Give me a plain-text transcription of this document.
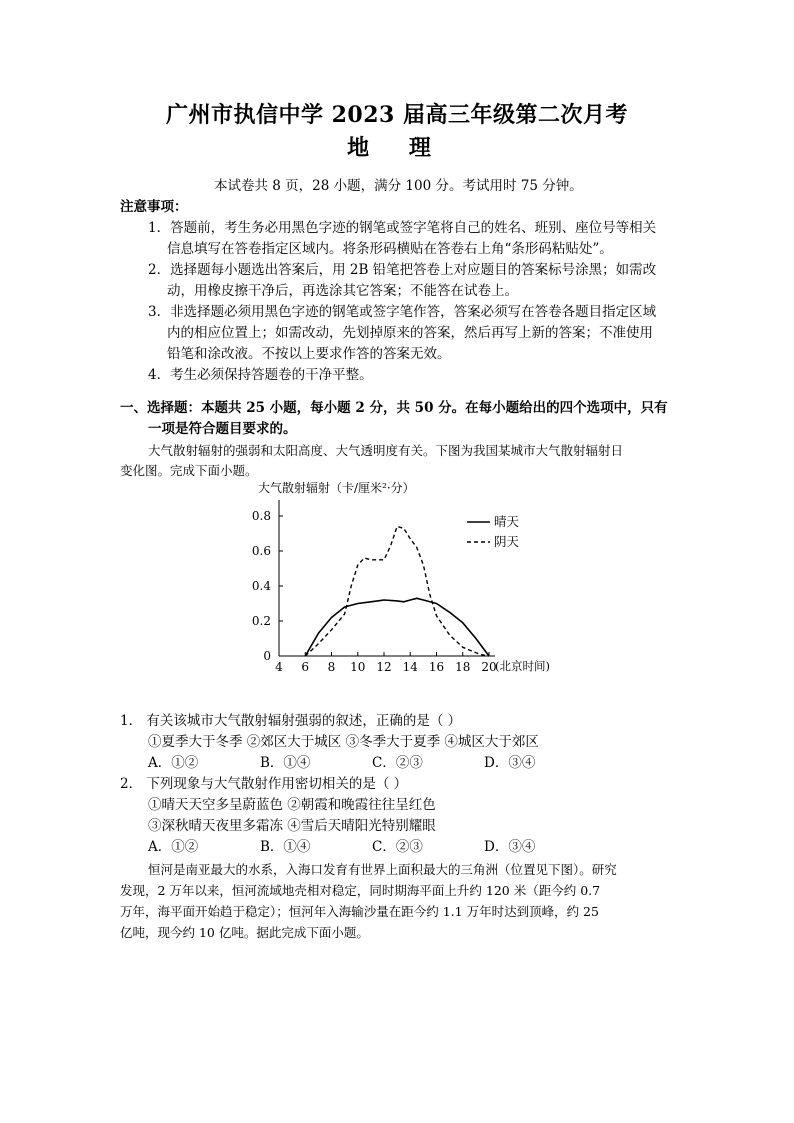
广州市执信中学 2023 届高三年级第二次月考
地 理
本试卷共 8 页，28 小题，满分 100 分。考试用时 75 分钟。
注意事项：
1．答题前，考生务必用黑色字迹的钢笔或签字笔将自己的姓名、班别、座位号等相关
信息填写在答卷指定区域内。将条形码横贴在答卷右上角“条形码粘贴处”。
2．选择题每小题选出答案后，用 2B 铅笔把答卷上对应题目的答案标号涂黑；如需改
动，用橡皮擦干净后，再选涂其它答案；不能答在试卷上。
3．非选择题必须用黑色字迹的钢笔或签字笔作答，答案必须写在答卷各题目指定区域
内的相应位置上；如需改动，先划掉原来的答案，然后再写上新的答案；不准使用
铅笔和涂改液。不按以上要求作答的答案无效。
4．考生必须保持答题卷的干净平整。
一、选择题：本题共 25 小题，每小题 2 分，共 50 分。在每小题给出的四个选项中，只有
一项是符合题目要求的。
大气散射辐射的强弱和太阳高度、大气透明度有关。下图为我国某城市大气散射辐射日
变化图。完成下面小题。
大气散射辐射（卡/厘米²·分）
0
0.2
0.4
0.6
0.8
4 6 8 10 12 14 16 18 20
晴天
阴天
(北京时间)
1． 有关该城市大气散射辐射强弱的叙述，正确的是（ ）
①夏季大于冬季 ②郊区大于城区 ③冬季大于夏季 ④城区大于郊区
A．①②	B．①④	C．②③	D．③④
2． 下列现象与大气散射作用密切相关的是（ ）
①晴天天空多呈蔚蓝色 ②朝霞和晚霞往往呈红色
③深秋晴天夜里多霜冻 ④雪后天晴阳光特别耀眼
A．①②	B．①④	C．②③	D．③④
恒河是南亚最大的水系，入海口发育有世界上面积最大的三角洲（位置见下图）。研究
发现，2 万年以来，恒河流域地壳相对稳定，同时期海平面上升约 120 米（距今约 0.7
万年，海平面开始趋于稳定）；恒河年入海输沙量在距今约 1.1 万年时达到顶峰，约 25
亿吨，现今约 10 亿吨。据此完成下面小题。
